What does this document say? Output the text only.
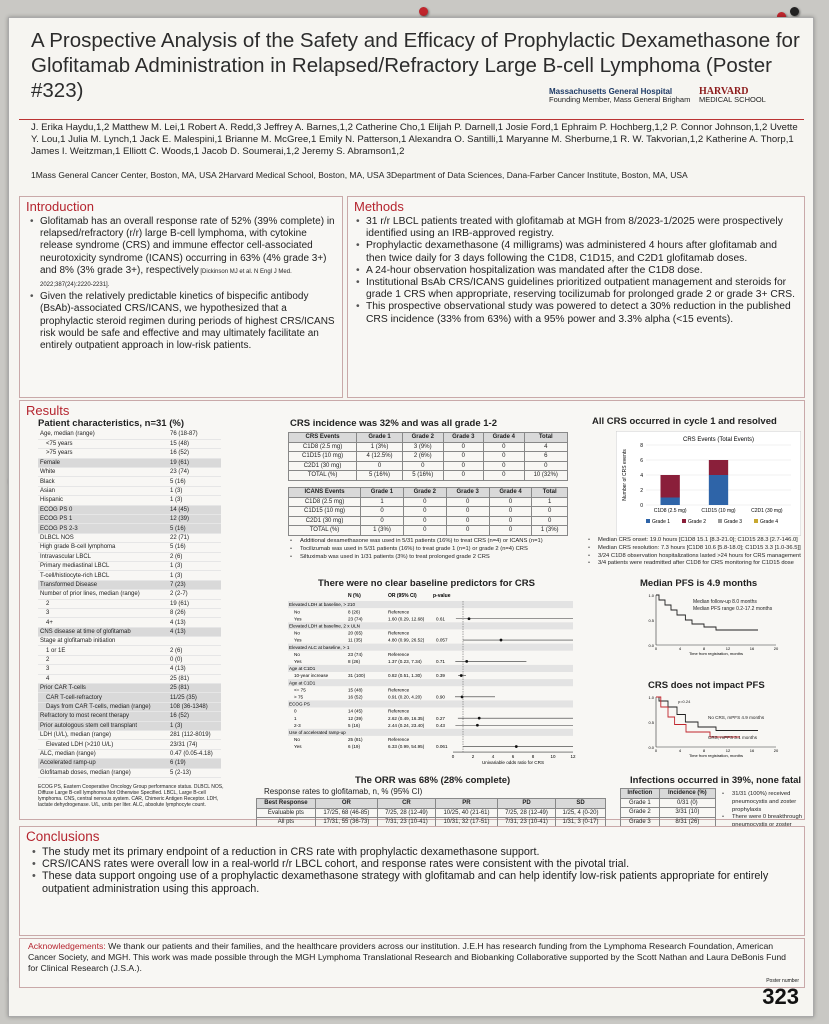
A Prospective Analysis of the Safety and Efficacy of Prophylactic Dexamethasone for Glofitamab Administration in Relapsed/Refractory Large B-cell Lymphoma (Poster #323)	Massachusetts General Hospital
Founding Member, Mass General Brigham
HARVARD
MEDICAL SCHOOL
J. Erika Haydu,1,2 Matthew M. Lei,1 Robert A. Redd,3 Jeffrey A. Barnes,1,2 Catherine Cho,1 Elijah P. Darnell,1 Josie Ford,1 Ephraim P. Hochberg,1,2 P. Connor Johnson,1,2 Uvette Y. Lou,1 Julia M. Lynch,1 Jack E. Malespini,1 Brianne M. McGree,1 Emily N. Patterson,1 Alexandra O. Santilli,1 Maryanne M. Sherburne,1 R. W. Takvorian,1,2 Katherine A. Thorp,1 James I. Weitzman,1 Elliott C. Woods,1 Jacob D. Soumerai,1,2 Jeremy S. Abramson1,2
1Mass General Cancer Center, Boston, MA, USA 2Harvard Medical School, Boston, MA, USA 3Department of Data Sciences, Dana-Farber Cancer Institute, Boston, MA, USA
Introduction
• Glofitamab has an overall response rate of 52% (39% complete) in relapsed/refractory (r/r) large B-cell lymphoma, with cytokine release syndrome (CRS) and immune effector cell-associated neurotoxicity syndrome (ICANS) occurring in 63% (4% grade 3+) and 8% (3% grade 3+), respectively [Dickinson MJ et al. N Engl J Med. 2022;387(24):2220-2231].
• Given the relatively predictable kinetics of bispecific antibody (BsAb)-associated CRS/ICANS, we hypothesized that a prophylactic steroid regimen during periods of highest CRS/ICANS risk would be safe and effective and may ultimately facilitate an entirely outpatient approach in low-risk patients.
Methods
• 31 r/r LBCL patients treated with glofitamab at MGH from 8/2023-1/2025 were prospectively identified using an IRB-approved registry.
• Prophylactic dexamethasone (4 milligrams) was administered 4 hours after glofitamab and then twice daily for 3 days following the C1D8, C1D15, and C2D1 glofitamab doses.
• A 24-hour observation hospitalization was mandated after the C1D8 dose.
• Institutional BsAb CRS/ICANS guidelines prioritized outpatient management and steroids for grade 1 CRS when appropriate, reserving tocilizumab for prolonged grade 2 or grade 3+ CRS.
• This prospective observational study was powered to detect a 30% reduction in the published CRS incidence (33% from 63%) with a 95% power and 3.3% alpha (<15 events).
Results
Patient characteristics, n=31 (%)
Age, median (range)	76 (18-87)
<75 years	15 (48)
>75 years	16 (52)
Female	19 (61)
White	23 (74)
Black	5 (16)
Asian	1 (3)
Hispanic	1 (3)
ECOG PS 0	14 (45)
ECOG PS 1	12 (39)
ECOG PS 2-3	5 (16)
DLBCL NOS	22 (71)
High grade B-cell lymphoma	5 (16)
Intravascular LBCL	2 (6)
Primary mediastinal LBCL	1 (3)
T-cell/histiocyte-rich LBCL	1 (3)
Transformed Disease	7 (23)
Number of prior lines, median (range)	2 (2-7)
2	19 (61)
3	8 (26)
4+	4 (13)
CNS disease at time of glofitamab	4 (13)
Stage at glofitamab initiation	
1 or 1E	2 (6)
2	0 (0)
3	4 (13)
4	25 (81)
Prior CAR T-cells	25 (81)
CAR T-cell-refractory	11/25 (35)
Days from CAR T-cells, median (range)	108 (36-1348)
Refractory to most recent therapy	16 (52)
Prior autologous stem cell transplant	1 (3)
LDH (U/L), median (range)	281 (112-8019)
Elevated LDH (>210 U/L)	23/31 (74)
ALC, median (range)	0.47 (0.05-4.18)
Accelerated ramp-up	6 (19)
Glofitamab doses, median (range)	5 (2-13)
ECOG PS, Eastern Cooperative Oncology Group performance status. DLBCL NOS, Diffuse Large B-cell lymphoma Not Otherwise Specified. LBCL, Large B-cell lymphoma. CNS, central nervous system. CAR, Chimeric Antigen Receptor. LDH, lactate dehydrogenase. U/L, units per liter. ALC, absolute lymphocyte count.
CRS incidence was 32% and was all grade 1-2
CRS Events	Grade 1	Grade 2	Grade 3	Grade 4	Total
C1D8 (2.5 mg)	1 (3%)	3 (9%)	0	0	4
C1D15 (10 mg)	4 (12.5%)	2 (6%)	0	0	6
C2D1 (30 mg)	0	0	0	0	0
TOTAL (%)	5 (16%)	5 (16%)	0	0	10 (32%)
ICANS Events	Grade 1	Grade 2	Grade 3	Grade 4	Total
C1D8 (2.5 mg)	1	0	0	0	1
C1D15 (10 mg)	0	0	0	0	0
C2D1 (30 mg)	0	0	0	0	0
TOTAL (%)	1 (3%)	0	0	0	1 (3%)
• Additional dexamethasone was used in 5/31 patients (16%) to treat CRS (n=4) or ICANS (n=1)
• Tocilizumab was used in 5/31 patients (16%) to treat grade 1 (n=1) or grade 2 (n=4) CRS
• Siltuximab was used in 1/31 patients (3%) to treat prolonged grade 2 CRS
All CRS occurred in cycle 1 and resolved
CRS Events (Total Events)
0
2
4
6
8
Number of CRS events
C1D8 (2.5 mg)	C1D15 (10 mg)	C2D1 (30 mg)
Grade 1	Grade 2	Grade 3	Grade 4
• Median CRS onset: 19.0 hours [C1D8 15.1 [8.3-21.0]; C1D15 28.3 [2.7-146.0]
• Median CRS resolution: 7.3 hours [C1D8 10.6 [5.8-18.0]; C1D15 3.3 [1.0-36.5]]
• 3/24 C1D8 observation hospitalizations lasted >24 hours for CRS management
• 3/4 patients were readmitted after C1D8 for CRS monitoring for C1D15 dose
There were no clear baseline predictors for CRS
N (%)	OR (95% CI)	p-value
Elevated LDH at baseline, > 210
No	8 (26)	Reference
Yes	23 (74)	1.60 (0.29, 12.68)	0.61
Elevated LDH at baseline, 2 x ULN
No	20 (65)	Reference
Yes	11 (35)	4.80 (0.99, 26.52)	0.057
Elevated ALC at baseline, > 1
No	23 (74)	Reference
Yes	8 (26)	1.37 (0.23, 7.34)	0.71
Age at C1D1
10-year increase	31 (100)	0.82 (0.51, 1.30)	0.39
Age at C1D1
<= 75	15 (48)	Reference
> 75	16 (52)	0.91 (0.20, 4.20)	0.90
ECOG PS
0	14 (45)	Reference
1	12 (39)	2.62 (0.49, 16.35)	0.27
2-3	5 (16)	2.44 (0.24, 23.40)	0.43
Use of accelerated ramp-up
No	25 (81)	Reference
Yes	6 (19)	6.33 (0.99, 54.95)	0.061
0	2	4	6	8	10	12
Univariable odds ratio for CRS
Median PFS is 4.9 months
1.0
0.5
0.0
0	4	8	12	16	20
Time from registration, months
Median follow-up 8.0 months
Median PFS range 0.2-17.2 months
CRS does not impact PFS
1.0
0.5
0.0
0	4	8	12	16	20
Time from registration, months
p=0.24
No CRS, mPFS 4.9 months
CRS, mPFS 3.1 months
The ORR was 68% (28% complete)
Response rates to glofitamab, n, % (95% CI)
Best Response	OR	CR	PR	PD	SD
Evaluable pts	17/25, 68 (46-85)	7/25, 28 (12-49)	10/25, 40 (21-61)	7/25, 28 (12-49)	1/25, 4 (0-20)
All pts	17/31, 55 (36-73)	7/31, 23 (10-41)	10/31, 32 (17-51)	7/31, 23 (10-41)	1/31, 3 (0-17)
Infections occurred in 39%, none fatal
Infection	Incidence (%)
Grade 1	0/31 (0)
Grade 2	3/31 (10)
Grade 3	8/31 (26)

• 31/31 (100%) received pneumocystis and zoster prophylaxis
• There were 0 breakthrough
Conclusions
• The study met its primary endpoint of a reduction in CRS rate with prophylactic dexamethasone support.
• CRS/ICANS rates were overall low in a real-world r/r LBCL cohort, and response rates were consistent with the pivotal trial.
• These data support ongoing use of a prophylactic dexamethasone strategy with glofitamab and can help identify low-risk patients appropriate for entirely outpatient administration using this approach.
Acknowledgements: We thank our patients and their families, and the healthcare providers across our institution. J.E.H has research funding from the Lymphoma Research Foundation, American Cancer Society, and MGH. This work was made possible through the MGH Lymphoma Translational Research and Biobanking Collaborative supported by the Scott Nathan and Laura DeBonis Fund for Clinical Research (J.S.A.).
Poster number
323
